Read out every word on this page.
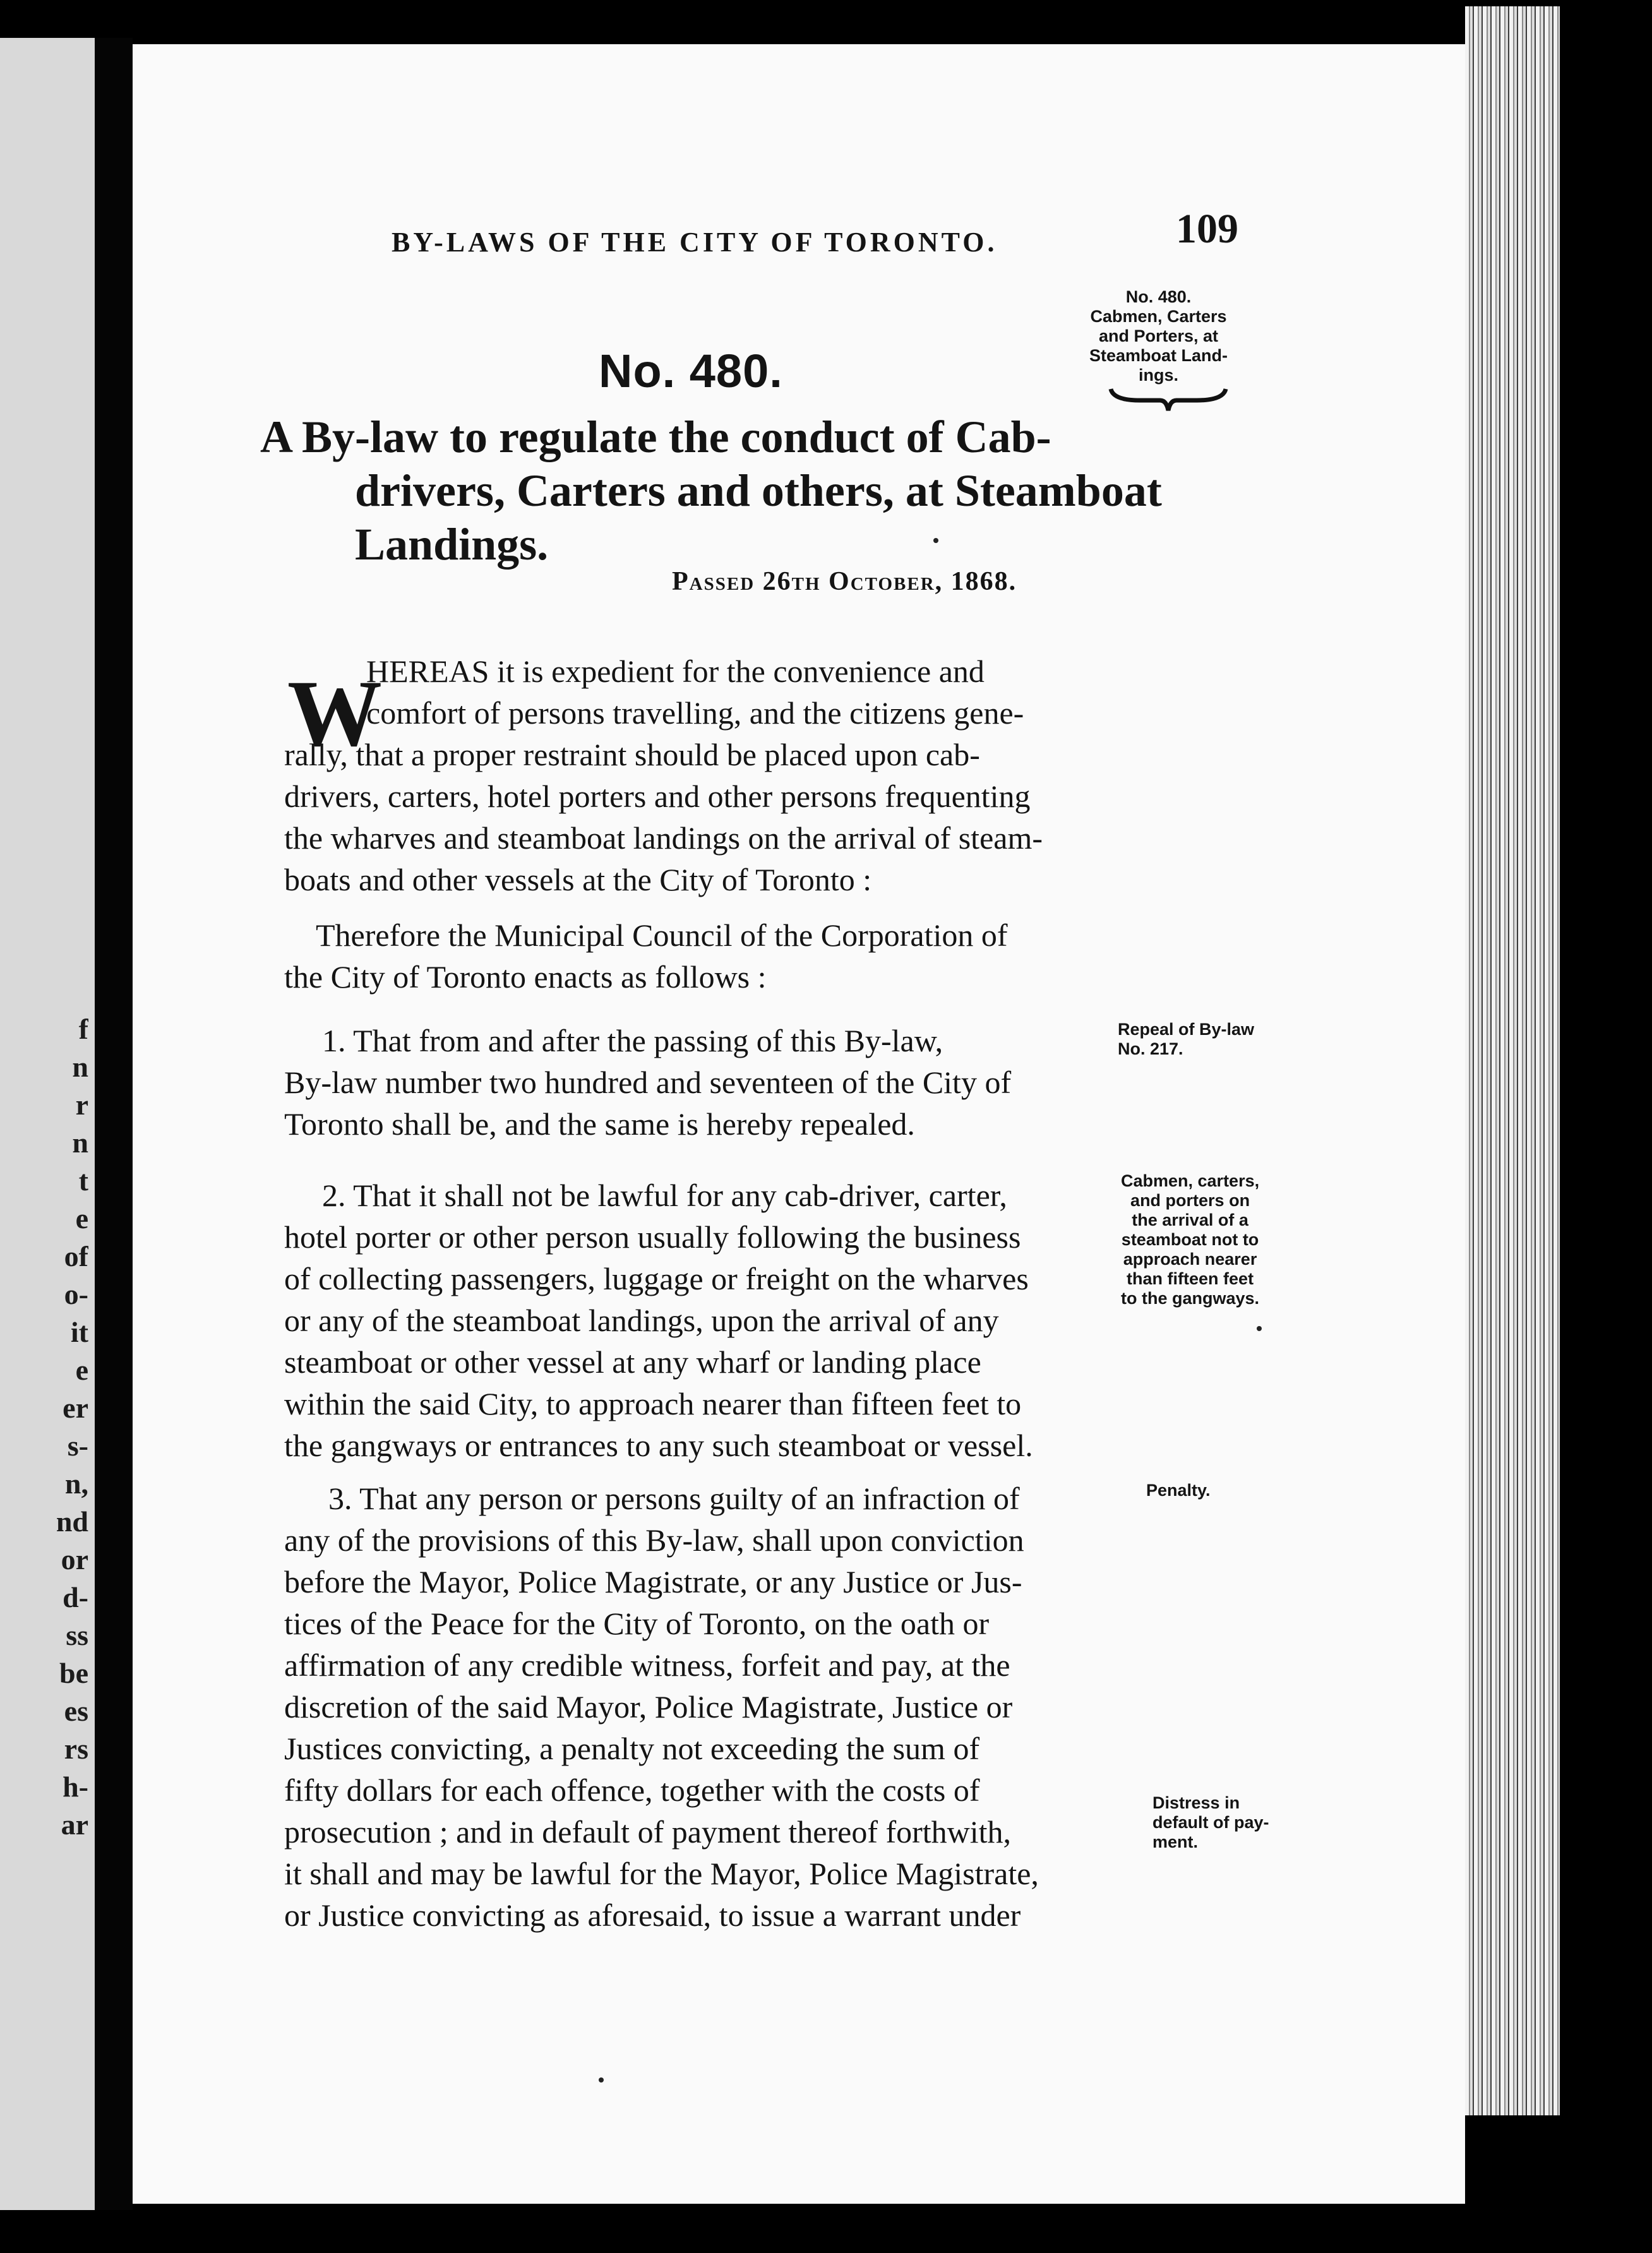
f
n
r
n
t
e
of
o-
it
e
er
s-
n,
nd
or
d-
ss
be
es
rs
h-
ar
BY-LAWS OF THE CITY OF TORONTO.	109
No. 480.
Cabmen, Carters
and Porters, at
Steamboat Land-
ings.
No. 480.
A By-law to regulate the conduct of Cab-
drivers, Carters and others, at Steamboat
Landings.
Passed 26th October, 1868.
W
HEREAS it is expedient for the convenience and
comfort of persons travelling, and the citizens gene-
rally, that a proper restraint should be placed upon cab-
drivers, carters, hotel porters and other persons frequenting
the wharves and steamboat landings on the arrival of steam-
boats and other vessels at the City of Toronto :
Therefore the Municipal Council of the Corporation of
the City of Toronto enacts as follows :
1. That from and after the passing of this By-law,
By-law number two hundred and seventeen of the City of
Toronto shall be, and the same is hereby repealed.
Repeal of By-law
No. 217.
2. That it shall not be lawful for any cab-driver, carter,
hotel porter or other person usually following the business
of collecting passengers, luggage or freight on the wharves
or any of the steamboat landings, upon the arrival of any
steamboat or other vessel at any wharf or landing place
within the said City, to approach nearer than fifteen feet to
the gangways or entrances to any such steamboat or vessel.
Cabmen, carters,
and porters on
the arrival of a
steamboat not to
approach nearer
than fifteen feet
to the gangways.
3. That any person or persons guilty of an infraction of
any of the provisions of this By-law, shall upon conviction
before the Mayor, Police Magistrate, or any Justice or Jus-
tices of the Peace for the City of Toronto, on the oath or
affirmation of any credible witness, forfeit and pay, at the
discretion of the said Mayor, Police Magistrate, Justice or
Justices convicting, a penalty not exceeding the sum of
fifty dollars for each offence, together with the costs of
prosecution ; and in default of payment thereof forthwith,
it shall and may be lawful for the Mayor, Police Magistrate,
or Justice convicting as aforesaid, to issue a warrant under
Penalty.
Distress in
default of pay-
ment.
